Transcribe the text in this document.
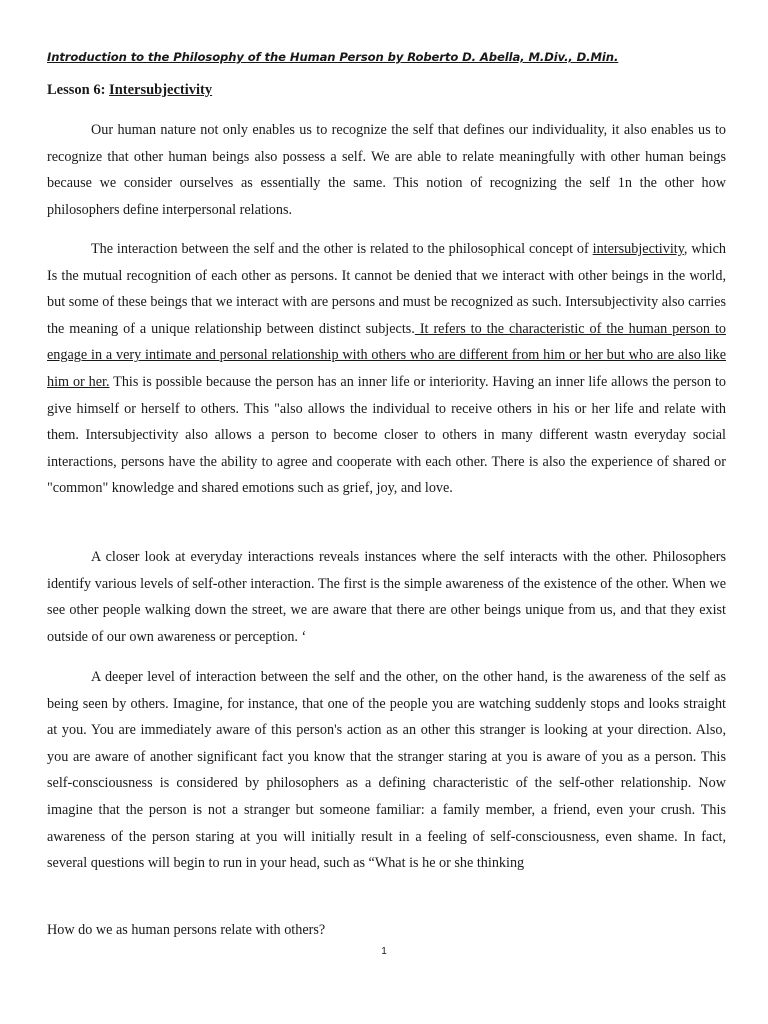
Introduction to the Philosophy of the Human Person by Roberto D. Abella, M.Div., D.Min.
Lesson 6: Intersubjectivity

Our human nature not only enables us to recognize the self that defines our individuality, it also enables us to recognize that other human beings also possess a self. We are able to relate meaningfully with other human beings because we consider ourselves as essentially the same. This notion of recognizing the self 1n the other how philosophers define interpersonal relations.

The interaction between the self and the other is related to the philosophical concept of intersubjectivity, which Is the mutual recognition of each other as persons. It cannot be denied that we interact with other beings in the world, but some of these beings that we interact with are persons and must be recognized as such. Intersubjectivity also carries the meaning of a unique relationship between distinct subjects. It refers to the characteristic of the human person to engage in a very intimate and personal relationship with others who are different from him or her but who are also like him or her. This is possible because the person has an inner life or interiority. Having an inner life allows the person to give himself or herself to others. This "also allows the individual to receive others in his or her life and relate with them. Intersubjectivity also allows a person to become closer to others in many different wastn everyday social interactions, persons have the ability to agree and cooperate with each other. There is also the experience of shared or "common" knowledge and shared emotions such as grief, joy, and love.

A closer look at everyday interactions reveals instances where the self interacts with the other. Philosophers identify various levels of self-other interaction. The first is the simple awareness of the existence of the other. When we see other people walking down the street, we are aware that there are other beings unique from us, and that they exist outside of our own awareness or perception. ‘

A deeper level of interaction between the self and the other, on the other hand, is the awareness of the self as being seen by others. Imagine, for instance, that one of the people you are watching suddenly stops and looks straight at you. You are immediately aware of this person's action as an other this stranger is looking at your direction. Also, you are aware of another significant fact you know that the stranger staring at you is aware of you as a person. This self-consciousness is considered by philosophers as a defining characteristic of the self-other relationship. Now imagine that the person is not a stranger but someone familiar: a family member, a friend, even your crush. This awareness of the person staring at you will initially result in a feeling of self-consciousness, even shame. In fact, several questions will begin to run in your head, such as “What is he or she thinking

How do we as human persons relate with others?
1
